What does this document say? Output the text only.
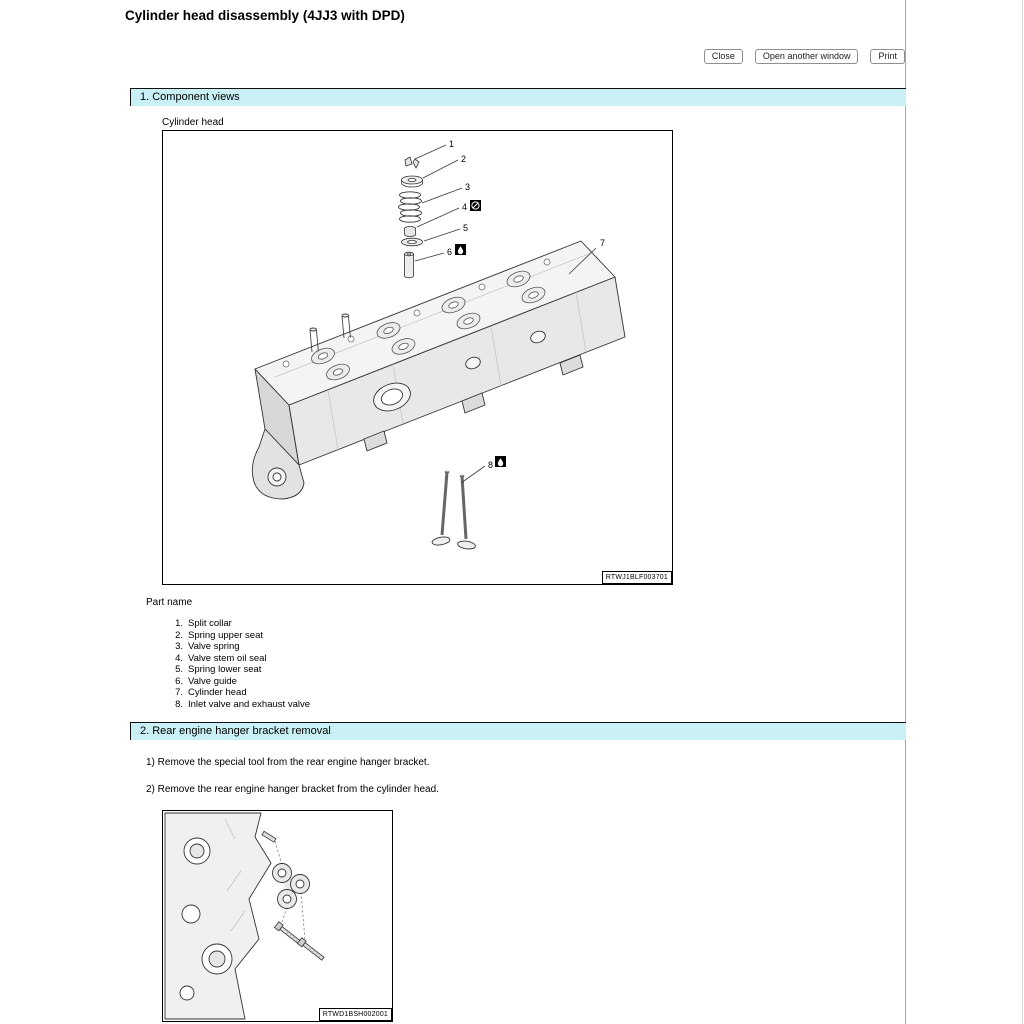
Cylinder head disassembly (4JJ3 with DPD)
Close	Open another window	Print
1. Component views
Cylinder head
1
2
3
4
5
6
7
8
RTWJ1BLF003701
Part name
1. Split collar
2. Spring upper seat
3. Valve spring
4. Valve stem oil seal
5. Spring lower seat
6. Valve guide
7. Cylinder head
8. Inlet valve and exhaust valve
2. Rear engine hanger bracket removal

1) Remove the special tool from the rear engine hanger bracket.

2) Remove the rear engine hanger bracket from the cylinder head.

RTWD1BSH002001
